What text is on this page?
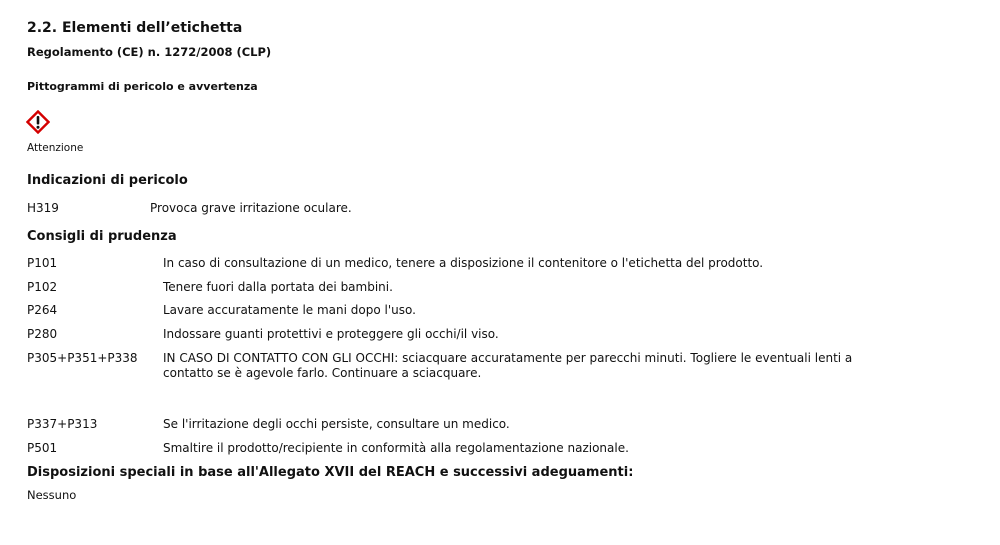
2.2. Elementi dell’etichetta
Regolamento (CE) n. 1272/2008 (CLP)
Pittogrammi di pericolo e avvertenza
Attenzione
Indicazioni di pericolo
H319	Provoca grave irritazione oculare.
Consigli di prudenza
P101	In caso di consultazione di un medico, tenere a disposizione il contenitore o l'etichetta del prodotto.
P102	Tenere fuori dalla portata dei bambini.
P264	Lavare accuratamente le mani dopo l'uso.
P280	Indossare guanti protettivi e proteggere gli occhi/il viso.
P305+P351+P338 IN CASO DI CONTATTO CON GLI OCCHI: sciacquare accuratamente per parecchi minuti. Togliere le eventuali lenti a contatto se è agevole farlo. Continuare a sciacquare.
P337+P313	Se l'irritazione degli occhi persiste, consultare un medico.
P501	Smaltire il prodotto/recipiente in conformità alla regolamentazione nazionale.
Disposizioni speciali in base all'Allegato XVII del REACH e successivi adeguamenti:
Nessuno
